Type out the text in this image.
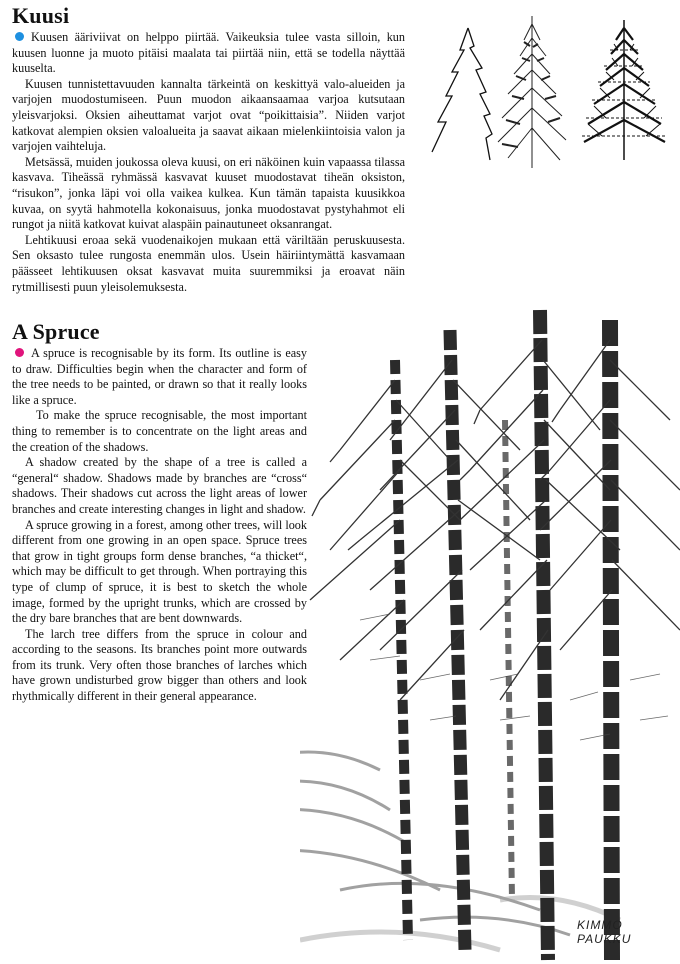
Kuusi

Kuusen ääriviivat on helppo piirtää. Vaikeuksia tulee vasta silloin, kun kuusen luonne ja muoto pitäisi maalata tai piirtää niin, että se todella näyttää kuuselta.

Kuusen tunnistettavuuden kannalta tärkeintä on keskittyä valo-alueiden ja varjojen muodostumiseen. Puun muodon aikaansaamaa varjoa kutsutaan yleisvarjoksi. Oksien aiheuttamat varjot ovat “poikittaisia”. Niiden varjot katkovat alempien oksien valoalueita ja saavat aikaan mielenkiintoisia valon ja varjojen vaihteluja.

Metsässä, muiden joukossa oleva kuusi, on eri näköinen kuin vapaassa tilassa kasvava. Tiheässä ryhmässä kasvavat kuuset muodostavat tiheän oksiston, “risukon”, jonka läpi voi olla vaikea kulkea. Kun tämän tapaista kuusikkoa kuvaa, on syytä hahmotella kokonaisuus, jonka muodostavat pystyhahmot eli rungot ja niitä katkovat kuivat alaspäin painautuneet oksanrangat.

Lehtikuusi eroaa sekä vuodenaikojen mukaan että väriltään peruskuusesta. Sen oksasto tulee rungosta enemmän ulos. Usein häiriintymättä kasvamaan päässeet lehtikuusen oksat kasvavat muita suuremmiksi ja eroavat näin rytmillisesti puun yleisolemuksesta.

A Spruce

A spruce is recognisable by its form. Its outline is easy to draw. Difficulties begin when the character and form of the tree needs to be painted, or drawn so that it really looks like a spruce.

To make the spruce recognisable, the most important thing to remember is to concentrate on the light areas and the creation of the shadows.

A shadow created by the shape of a tree is called a “general“ shadow. Shadows made by branches are “cross“ shadows. Their shadows cut across the light areas of lower branches and create interesting changes in light and shadow.

A spruce growing in a forest, among other trees, will look different from one growing in an open space. Spruce trees that grow in tight groups form dense branches, “a thicket“, which may be difficult to get through. When portraying this type of clump of spruce, it is best to sketch the whole image, formed by the upright trunks, which are crossed by the dry bare branches that are bent downwards.

The larch tree differs from the spruce in colour and according to the seasons. Its branches point more outwards from its trunk. Very often those branches of larches which have grown undisturbed grow bigger than others and look rhythmically different in their general appearance.

KIMMO PAUKKU
